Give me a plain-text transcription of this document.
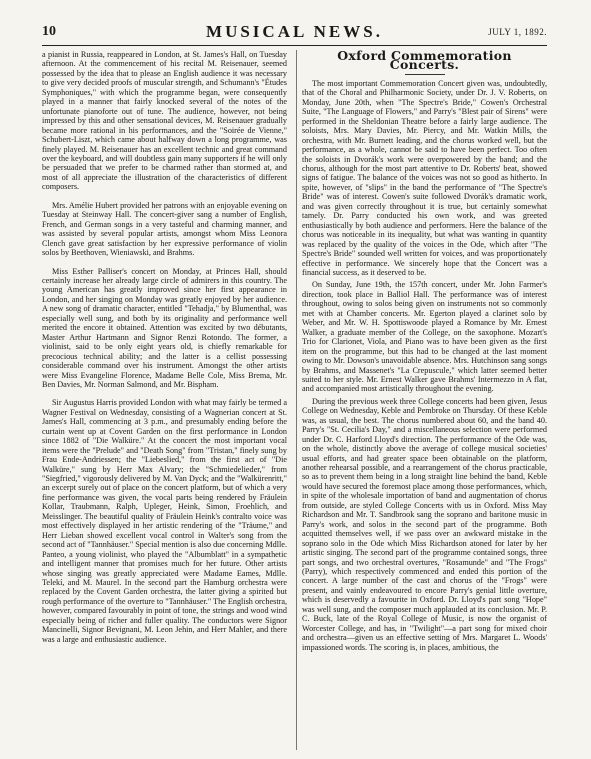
10	MUSICAL NEWS.	JULY 1, 1892.

a pianist in Russia, reappeared in London, at St. James's Hall, on Tuesday afternoon. At the commencement of his recital M. Reisenauer, seemed possessed by the idea that to please an English audience it was necessary to give very decided proofs of muscular strength, and Schumann's "Études Symphoniques," with which the programme began, were consequently played in a manner that fairly knocked several of the notes of the unfortunate pianoforte out of tune. The audience, however, not being impressed by this and other sensational devices, M. Reisenauer gradually became more rational in his performances, and the "Soirée de Vienne," Schubert-Liszt, which came about halfway down a long programme, was finely played. M. Reisenauer has an excellent technic and great command over the keyboard, and will doubtless gain many supporters if he will only be persuaded that we prefer to be charmed rather than stormed at, and most of all appreciate the illustration of the characteristics of different composers.

Mrs. Amélie Hubert provided her patrons with an enjoyable evening on Tuesday at Steinway Hall. The concert-giver sang a number of English, French, and German songs in a very tasteful and charming manner, and was assisted by several popular artists, amongst whom Miss Leonora Clench gave great satisfaction by her expressive performance of violin solos by Beethoven, Wieniawski, and Brahms.

Miss Esther Palliser's concert on Monday, at Princes Hall, should certainly increase her already large circle of admirers in this country. The young American has greatly improved since her first appearance in London, and her singing on Monday was greatly enjoyed by her audience. A new song of dramatic character, entitled "Tehadja," by Blumenthal, was especially well sung, and both by its originality and performance well merited the encore it obtained. Attention was excited by two débutants, Master Arthur Hartmann and Signor Renzi Rotondo. The former, a violinist, said to be only eight years old, is chiefly remarkable for precocious technical ability; and the latter is a cellist possessing considerable command over his instrument. Amongst the other artists were Miss Evangeline Florence, Madame Belle Cole, Miss Brema, Mr. Ben Davies, Mr. Norman Salmond, and Mr. Bispham.

Sir Augustus Harris provided London with what may fairly be termed a Wagner Festival on Wednesday, consisting of a Wagnerian concert at St. James's Hall, commencing at 3 p.m., and presumably ending before the curtain went up at Covent Garden on the first performance in London since 1882 of "Die Walküre." At the concert the most important vocal items were the "Prelude" and "Death Song" from "Tristan," finely sung by Frau Ende-Andriessen; the "Liebeslied," from the first act of "Die Walküre," sung by Herr Max Alvary; the "Schmiedelieder," from "Siegfried," vigorously delivered by M. Van Dyck; and the "Walkürenritt," an excerpt surely out of place on the concert platform, but of which a very fine performance was given, the vocal parts being rendered by Fräulein Kollar, Traubmann, Ralph, Upleger, Heink, Simon, Froehlich, and Meisslinger. The beautiful quality of Fräulein Heink's contralto voice was most effectively displayed in her artistic rendering of the "Träume," and Herr Lieban showed excellent vocal control in Walter's song from the second act of "Tannhäuser." Special mention is also due concerning Mdlle. Panteo, a young violinist, who played the "Albumblatt" in a sympathetic and intelligent manner that promises much for her future. Other artists whose singing was greatly appreciated were Madame Eames, Mdlle. Telekí, and M. Maurel. In the second part the Hamburg orchestra were replaced by the Covent Garden orchestra, the latter giving a spirited but rough performance of the overture to "Tannhäuser." The English orchestra, however, compared favourably in point of tone, the strings and wood wind especially being of richer and fuller quality. The conductors were Signor Mancinelli, Signor Bevignani, M. Leon Jehin, and Herr Mahler, and there was a large and enthusiastic audience.

Oxford Commemoration Concerts.

The most important Commemoration Concert given was, undoubtedly, that of the Choral and Philharmonic Society, under Dr. J. V. Roberts, on Monday, June 20th, when "The Spectre's Bride," Cowen's Orchestral Suite, "The Language of Flowers," and Parry's "Blest pair of Sirens" were performed in the Sheldonian Theatre before a fairly large audience. The soloists, Mrs. Mary Davies, Mr. Piercy, and Mr. Watkin Mills, the orchestra, with Mr. Burnett leading, and the chorus worked well, but the performance, as a whole, cannot be said to have been perfect. Too often the soloists in Dvorák's work were overpowered by the band; and the chorus, although for the most part attentive to Dr. Roberts' beat, showed signs of fatigue. The balance of the voices was not so good as hitherto. In spite, however, of "slips" in the band the performance of "The Spectre's Bride" was of interest. Cowen's suite followed Dvorák's dramatic work, and was given correctly throughout it is true, but certainly somewhat tamely. Dr. Parry conducted his own work, and was greeted enthusiastically by both audience and performers. Here the balance of the chorus was noticeable in its inequality, but what was wanting in quantity was replaced by the quality of the voices in the Ode, which after "The Spectre's Bride" sounded well written for voices, and was proportionately effective in performance. We sincerely hope that the Concert was a financial success, as it deserved to be.

On Sunday, June 19th, the 157th concert, under Mr. John Farmer's direction, took place in Balliol Hall. The performance was of interest throughout, owing to solos being given on instruments not so commonly met with at Chamber concerts. Mr. Egerton played a clarinet solo by Weber, and Mr. W. H. Spottiswoode played a Romance by Mr. Ernest Walker, a graduate member of the College, on the saxophone. Mozart's Trio for Clarionet, Viola, and Piano was to have been given as the first item on the programme, but this had to be changed at the last moment owing to Mr. Dowson's unavoidable absence. Mrs. Hutchinson sang songs by Brahms, and Massenet's "La Crepuscule," which latter seemed better suited to her style. Mr. Ernest Walker gave Brahms' Intermezzo in A flat, and accompanied most artistically throughout the evening.

During the previous week three College concerts had been given, Jesus College on Wednesday, Keble and Pembroke on Thursday. Of these Keble was, as usual, the best. The chorus numbered about 60, and the band 40. Parry's "St. Cecilia's Day," and a miscellaneous selection were performed under Dr. C. Harford Lloyd's direction. The performance of the Ode was, on the whole, distinctly above the average of college musical societies' usual efforts, and had greater space been obtainable on the platform, another rehearsal possible, and a rearrangement of the chorus practicable, so as to prevent them being in a long straight line behind the band, Keble would have secured the foremost place among those performances, which, in spite of the wholesale importation of band and augmentation of chorus from outside, are styled College Concerts with us in Oxford. Miss May Richardson and Mr. T. Sandbrook sang the soprano and baritone music in Parry's work, and solos in the second part of the programme. Both acquitted themselves well, if we pass over an awkward mistake in the soprano solo in the Ode which Miss Richardson atoned for later by her artistic singing. The second part of the programme contained songs, three part songs, and two orchestral overtures, "Rosamunde" and "The Frogs" (Parry), which respectively commenced and ended this portion of the concert. A large number of the cast and chorus of the "Frogs" were present, and vainly endeavoured to encore Parry's genial little overture, which is deservedly a favourite in Oxford. Dr. Lloyd's part song "Hope" was well sung, and the composer much applauded at its conclusion. Mr. P. C. Buck, late of the Royal College of Music, is now the organist of Worcester College, and has, in "Twilight"—a part song for mixed choir and orchestra—given us an effective setting of Mrs. Margaret L. Woods' impassioned words. The scoring is, in places, ambitious, the
